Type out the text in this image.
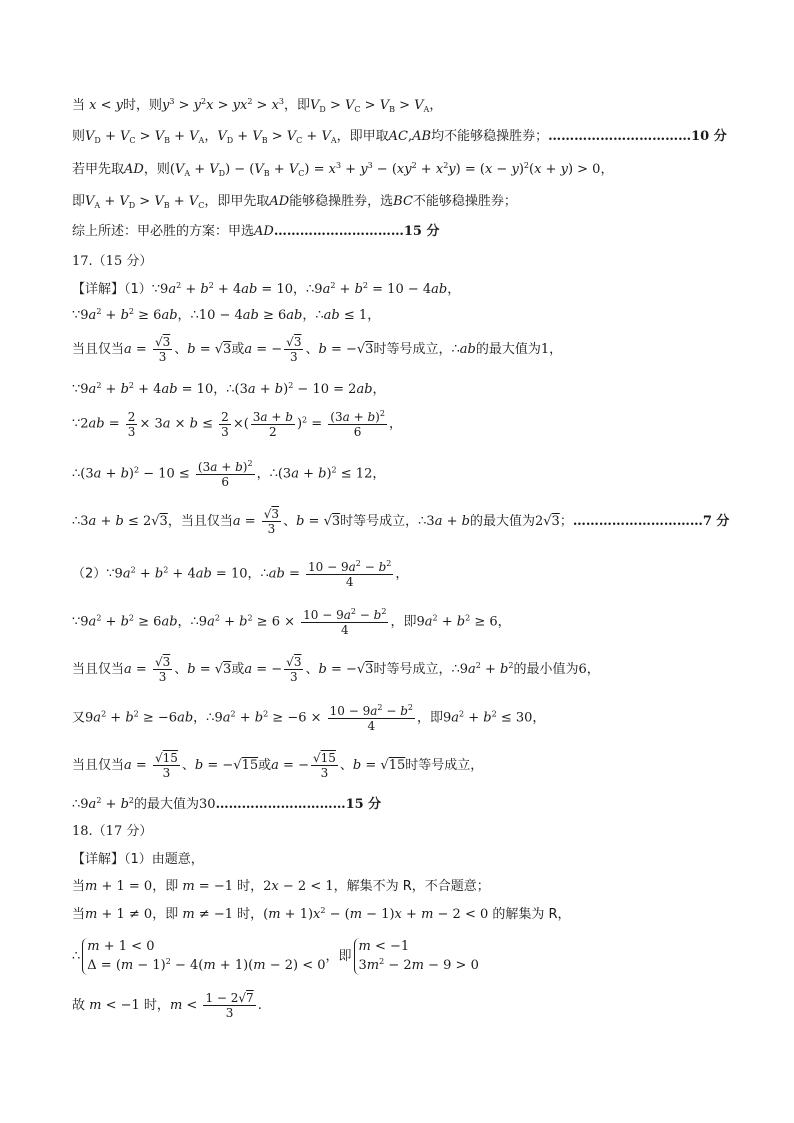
当 x < y时，则$y^3 > y^2x > yx^2 > x^3$，即$V_D > V_C > V_B > V_A$，
则$V_D + V_C > V_B + V_A$，$V_D + V_B > V_C + V_A$，即甲取AC,AB均不能够稳操胜券；……………………………10 分
若甲先取AD，则$(V_A + V_D) - (V_B + V_C) = x^3 + y^3 - (xy^2 + x^2y) = (x - y)^2(x + y) > 0$，
即$V_A + V_D > V_B + V_C$，即甲先取AD能够稳操胜券，选BC不能够稳操胜券；
综上所述：甲必胜的方案：甲选AD…………………………15 分
17.（15 分）
【详解】$(1)\because 9a^2 + b^2 + 4ab = 10$，$\therefore 9a^2 + b^2 = 10 - 4ab$，
$\because 9a^2 + b^2 \ge 6ab$，∴10 − 4ab ≥ 6ab，∴ab ≤ 1，
当且仅当$a = \frac{√3}{3}$ 、b = √3或a = − $\frac{√3}{3}$ 、b = −√3时等号成立，∴ab的最大值为1，
$\because 9a^2 + b^2 + 4ab = 10$，∴(3a + b)$^2$ − 10 = 2ab，
∵2ab = $\frac{2}{3} \times 3a \times b \le \frac{2}{3}$ ×( $\frac{3a + b}{2} )^2 = \frac{(3a + b)^2}{6}$ ，
∴(3a + $b)^2 - 10 \le \frac{(3a + b)^2}{6}$ ，∴(3a + b)$^2$ ≤ 12，
∴3a + b ≤ 2√3，当且仅当$a = \frac{√3}{3}$ 、b = √3时等号成立，∴3a + b的最大值为2√3；…………………………7 分
$(2)\because 9a^2 + b^2 + 4ab = 10$，∴ab = $\frac{10 - 9a^2 - b^2}{4}$ ，
$\because 9a^2 + b^2 \ge 6ab$，$\therefore 9a^2 + b^2 \ge 6 \times \frac{10 - 9a^2 - b^2}{4}$ ，即$9a^2 + b^2 \ge 6$，
当且仅当$a = \frac{√3}{3}$ 、b = √3或a = − $\frac{√3}{3}$ 、b = −√3时等号成立，$\therefore 9a^2 + b^2$的最小值为6，
又$9a^2 + b^2 \ge -6ab$，$\therefore 9a^2 + b^2 \ge -6 \times \frac{10 - 9a^2 - b^2}{4}$ ，即$9a^2 + b^2 \le 30$，
当且仅当$a = \frac{√15}{3}$ 、b = −√15或a = − $\frac{√15}{3}$ 、b = √15时等号成立，
$\therefore 9a^2 + b^2$的最大值为30…………………………15 分
18.（17 分）
【详解】（1）由题意，
当m + 1 = 0，即 m = −1 时，2x − 2 < 1，解集不为 R，不合题意；
当m + 1 ≠ 0，即 m ≠ −1 时，$(m + 1)x^2 - (m - 1)x + m - 2 < 0$ 的解集为 R，
∴m + 1 < 0
$\Delta = (m - 1)^2 - 4(m + 1)(m - 2) < 0$，即m < −1
$3m^2 - 2m - 9 > 0$
故 m < −1 时，$m < \frac{1 - 2√7}{3}$ .
